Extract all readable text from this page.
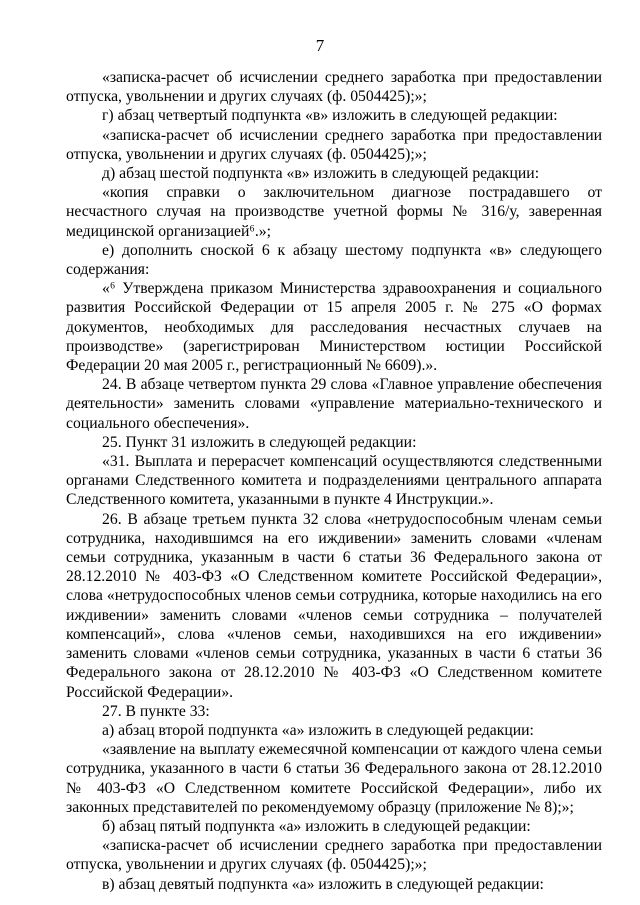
7

«записка-расчет об исчислении среднего заработка при предоставлении отпуска, увольнении и других случаях (ф. 0504425);»;

г) абзац четвертый подпункта «в» изложить в следующей редакции:

«записка-расчет об исчислении среднего заработка при предоставлении отпуска, увольнении и других случаях (ф. 0504425);»;

д) абзац шестой подпункта «в» изложить в следующей редакции:

«копия справки о заключительном диагнозе пострадавшего от несчастного случая на производстве учетной формы № 316/у, заверенная медицинской организацией⁶.»;

е) дополнить сноской 6 к абзацу шестому подпункта «в» следующего содержания:

«⁶ Утверждена приказом Министерства здравоохранения и социального развития Российской Федерации от 15 апреля 2005 г. № 275 «О формах документов, необходимых для расследования несчастных случаев на производстве» (зарегистрирован Министерством юстиции Российской Федерации 20 мая 2005 г., регистрационный № 6609).».

24. В абзаце четвертом пункта 29 слова «Главное управление обеспечения деятельности» заменить словами «управление материально-технического и социального обеспечения».

25. Пункт 31 изложить в следующей редакции:

«31. Выплата и перерасчет компенсаций осуществляются следственными органами Следственного комитета и подразделениями центрального аппарата Следственного комитета, указанными в пункте 4 Инструкции.».

26. В абзаце третьем пункта 32 слова «нетрудоспособным членам семьи сотрудника, находившимся на его иждивении» заменить словами «членам семьи сотрудника, указанным в части 6 статьи 36 Федерального закона от 28.12.2010 № 403-ФЗ «О Следственном комитете Российской Федерации», слова «нетрудоспособных членов семьи сотрудника, которые находились на его иждивении» заменить словами «членов семьи сотрудника – получателей компенсаций», слова «членов семьи, находившихся на его иждивении» заменить словами «членов семьи сотрудника, указанных в части 6 статьи 36 Федерального закона от 28.12.2010 № 403-ФЗ «О Следственном комитете Российской Федерации».

27. В пункте 33:

а) абзац второй подпункта «а» изложить в следующей редакции:

«заявление на выплату ежемесячной компенсации от каждого члена семьи сотрудника, указанного в части 6 статьи 36 Федерального закона от 28.12.2010 № 403-ФЗ «О Следственном комитете Российской Федерации», либо их законных представителей по рекомендуемому образцу (приложение № 8);»;

б) абзац пятый подпункта «а» изложить в следующей редакции:

«записка-расчет об исчислении среднего заработка при предоставлении отпуска, увольнении и других случаях (ф. 0504425);»;

в) абзац девятый подпункта «а» изложить в следующей редакции:
